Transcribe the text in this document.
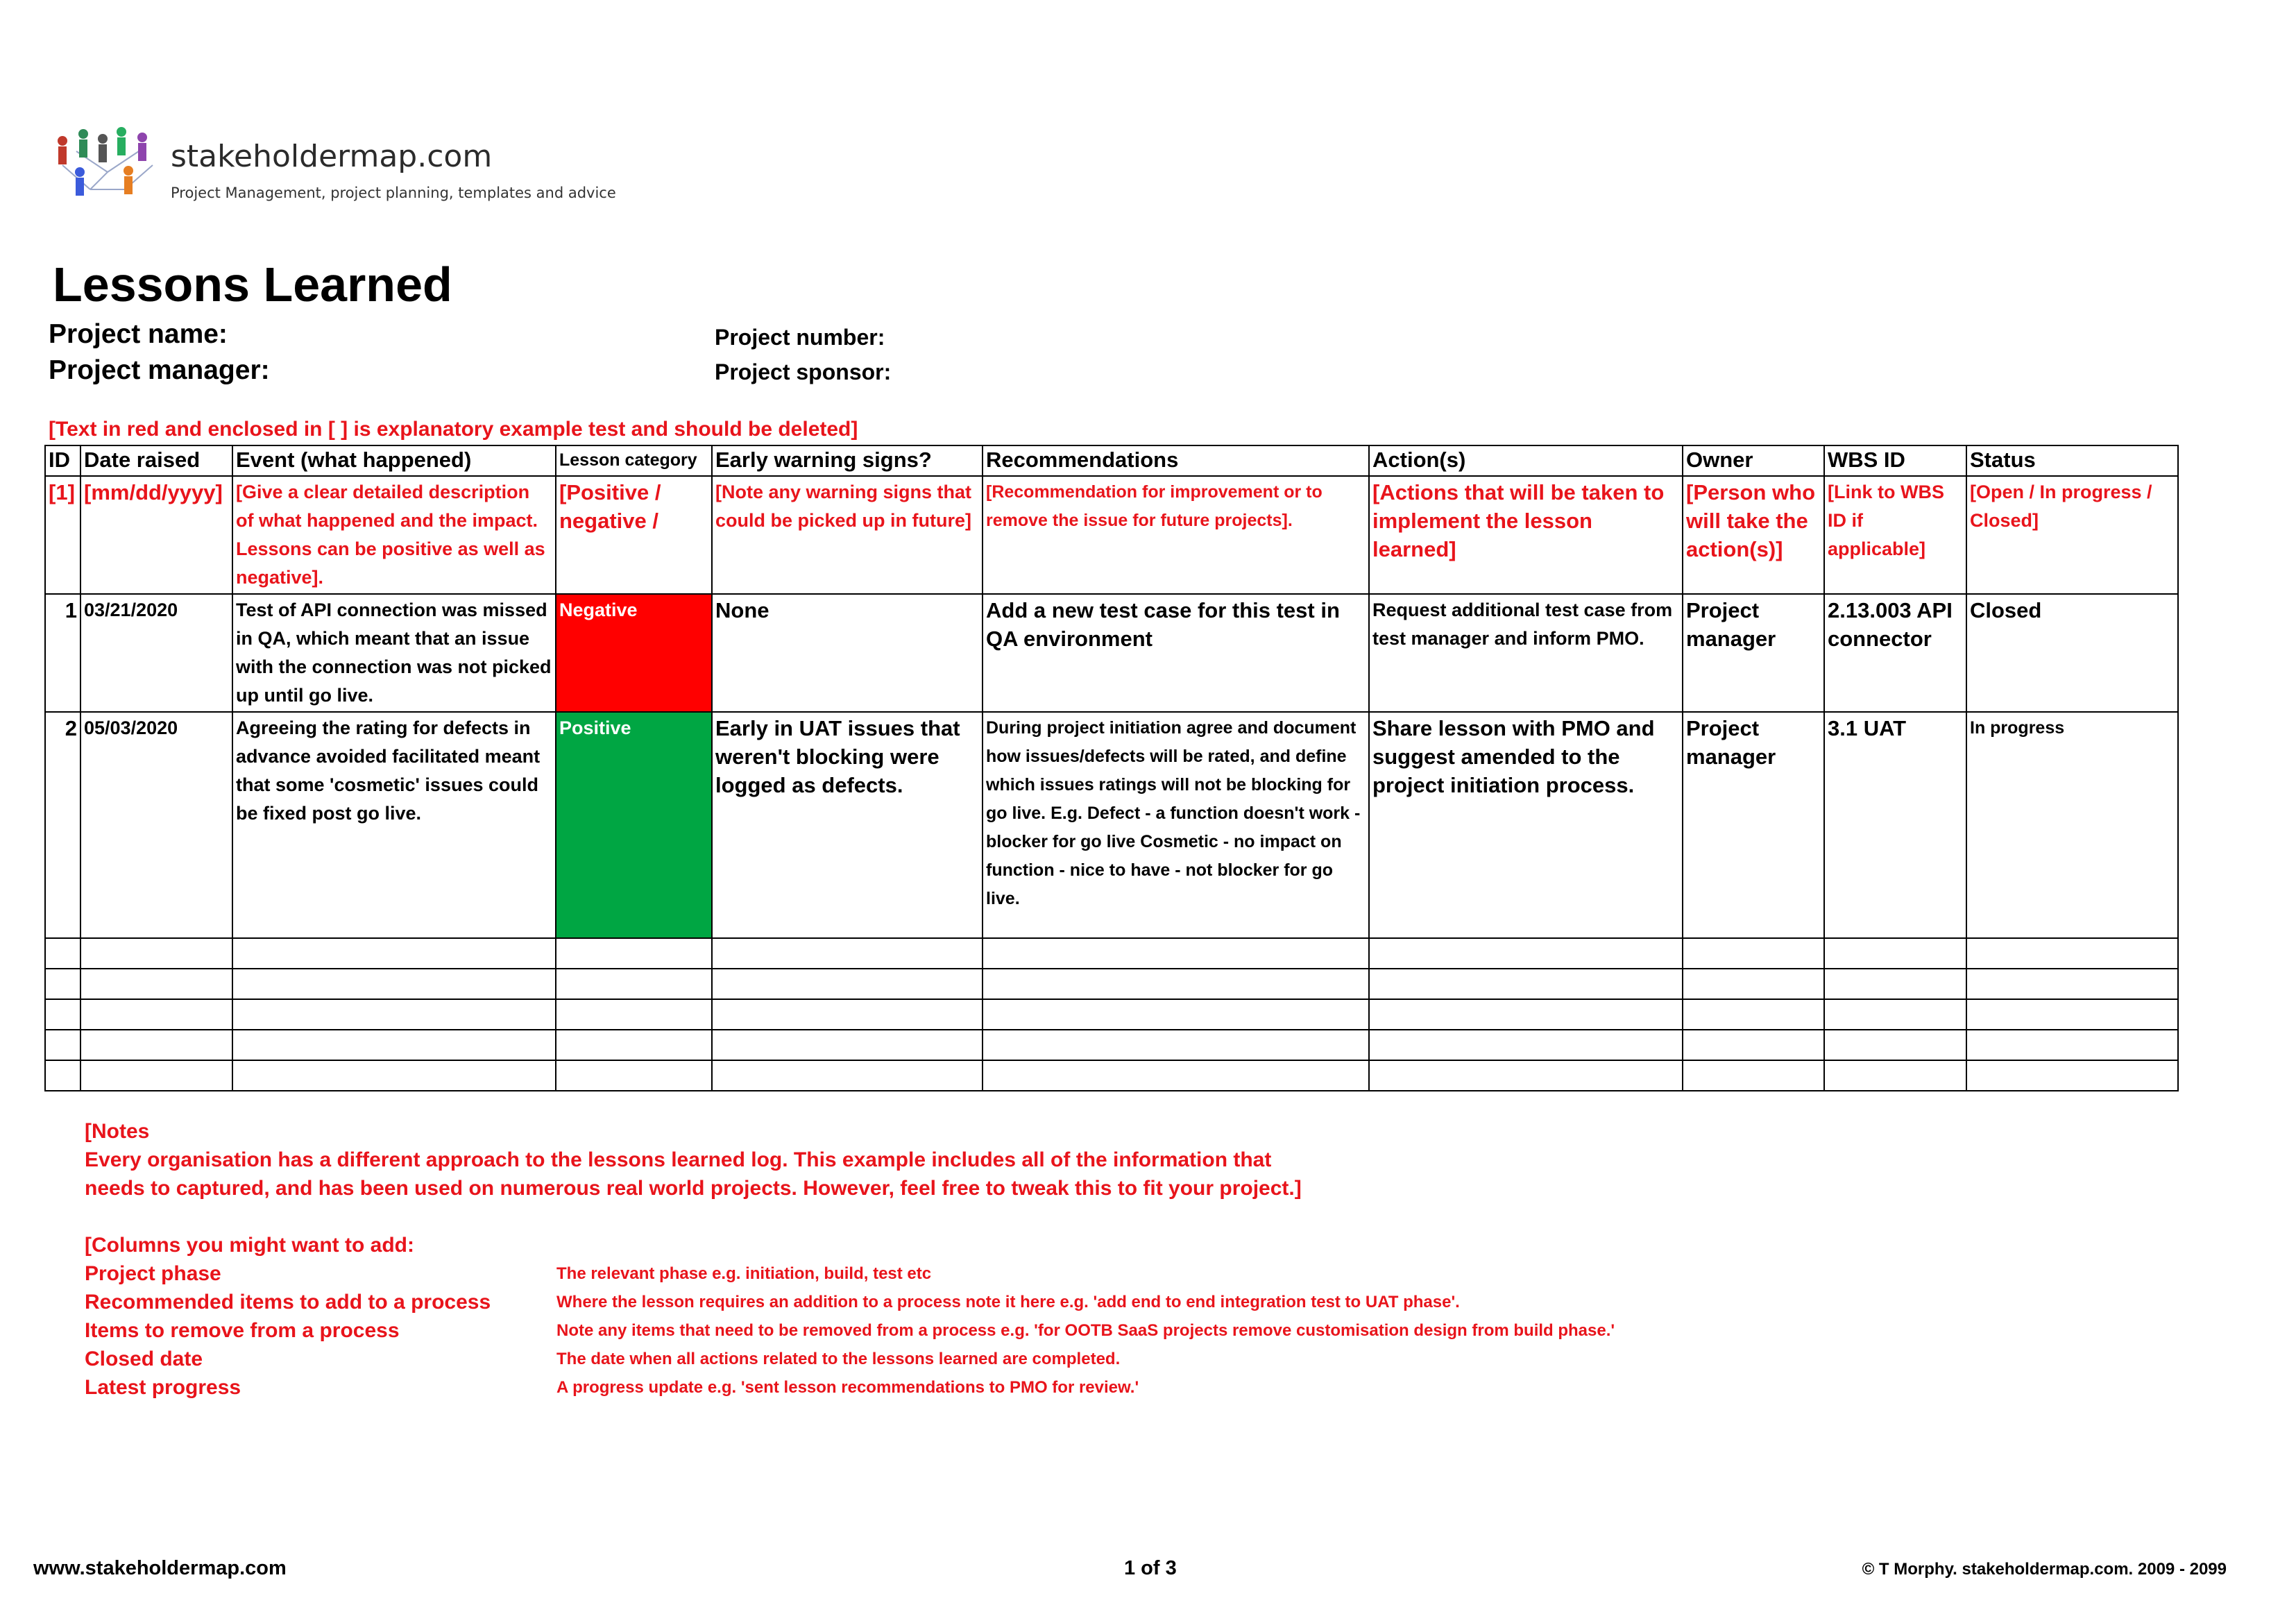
stakeholdermap.com
Project Management, project planning, templates and advice
Lessons Learned
Project name:
Project manager:
Project number:
Project sponsor:
[Text in red and enclosed in [ ] is explanatory example test and should be deleted]
ID	Date raised	Event (what happened)	Lesson category	Early warning signs?	Recommendations	Action(s)	Owner	WBS ID	Status
[1]	[mm/dd/yyyy]	[Give a clear detailed description of what happened and the impact. Lessons can be positive as well as negative].	[Positive / negative /	[Note any warning signs that could be picked up in future]	[Recommendation for improvement or to remove the issue for future projects].	[Actions that will be taken to implement the lesson learned]	[Person who will take the action(s)]	[Link to WBS ID if applicable]	[Open / In progress / Closed]
1	03/21/2020	Test of API connection was missed in QA, which meant that an issue with the connection was not picked up until go live.	Negative	None	Add a new test case for this test in QA environment	Request additional test case from test manager and inform PMO.	Project manager	2.13.003 API connector	Closed
2	05/03/2020	Agreeing the rating for defects in advance avoided facilitated meant that some 'cosmetic' issues could be fixed post go live.	Positive	Early in UAT issues that weren't blocking were logged as defects.	During project initiation agree and document how issues/defects will be rated, and define which issues ratings will not be blocking for go live. E.g. Defect - a function doesn't work - blocker for go live Cosmetic - no impact on function - nice to have - not blocker for go live.	Share lesson with PMO and suggest amended to the project initiation process.	Project manager	3.1 UAT	In progress

[Notes
Every organisation has a different approach to the lessons learned log. This example includes all of the information that
needs to captured, and has been used on numerous real world projects. However, feel free to tweak this to fit your project.]
[Columns you might want to add:
Project phase	The relevant phase e.g. initiation, build, test etc
Recommended items to add to a process	Where the lesson requires an addition to a process note it here e.g. 'add end to end integration test to UAT phase'.
Items to remove from a process	Note any items that need to be removed from a process e.g. 'for OOTB SaaS projects remove customisation design from build phase.'
Closed date	The date when all actions related to the lessons learned are completed.
Latest progress	A progress update e.g. 'sent lesson recommendations to PMO for review.'
www.stakeholdermap.com	1 of 3	© T Morphy. stakeholdermap.com. 2009 - 2099
